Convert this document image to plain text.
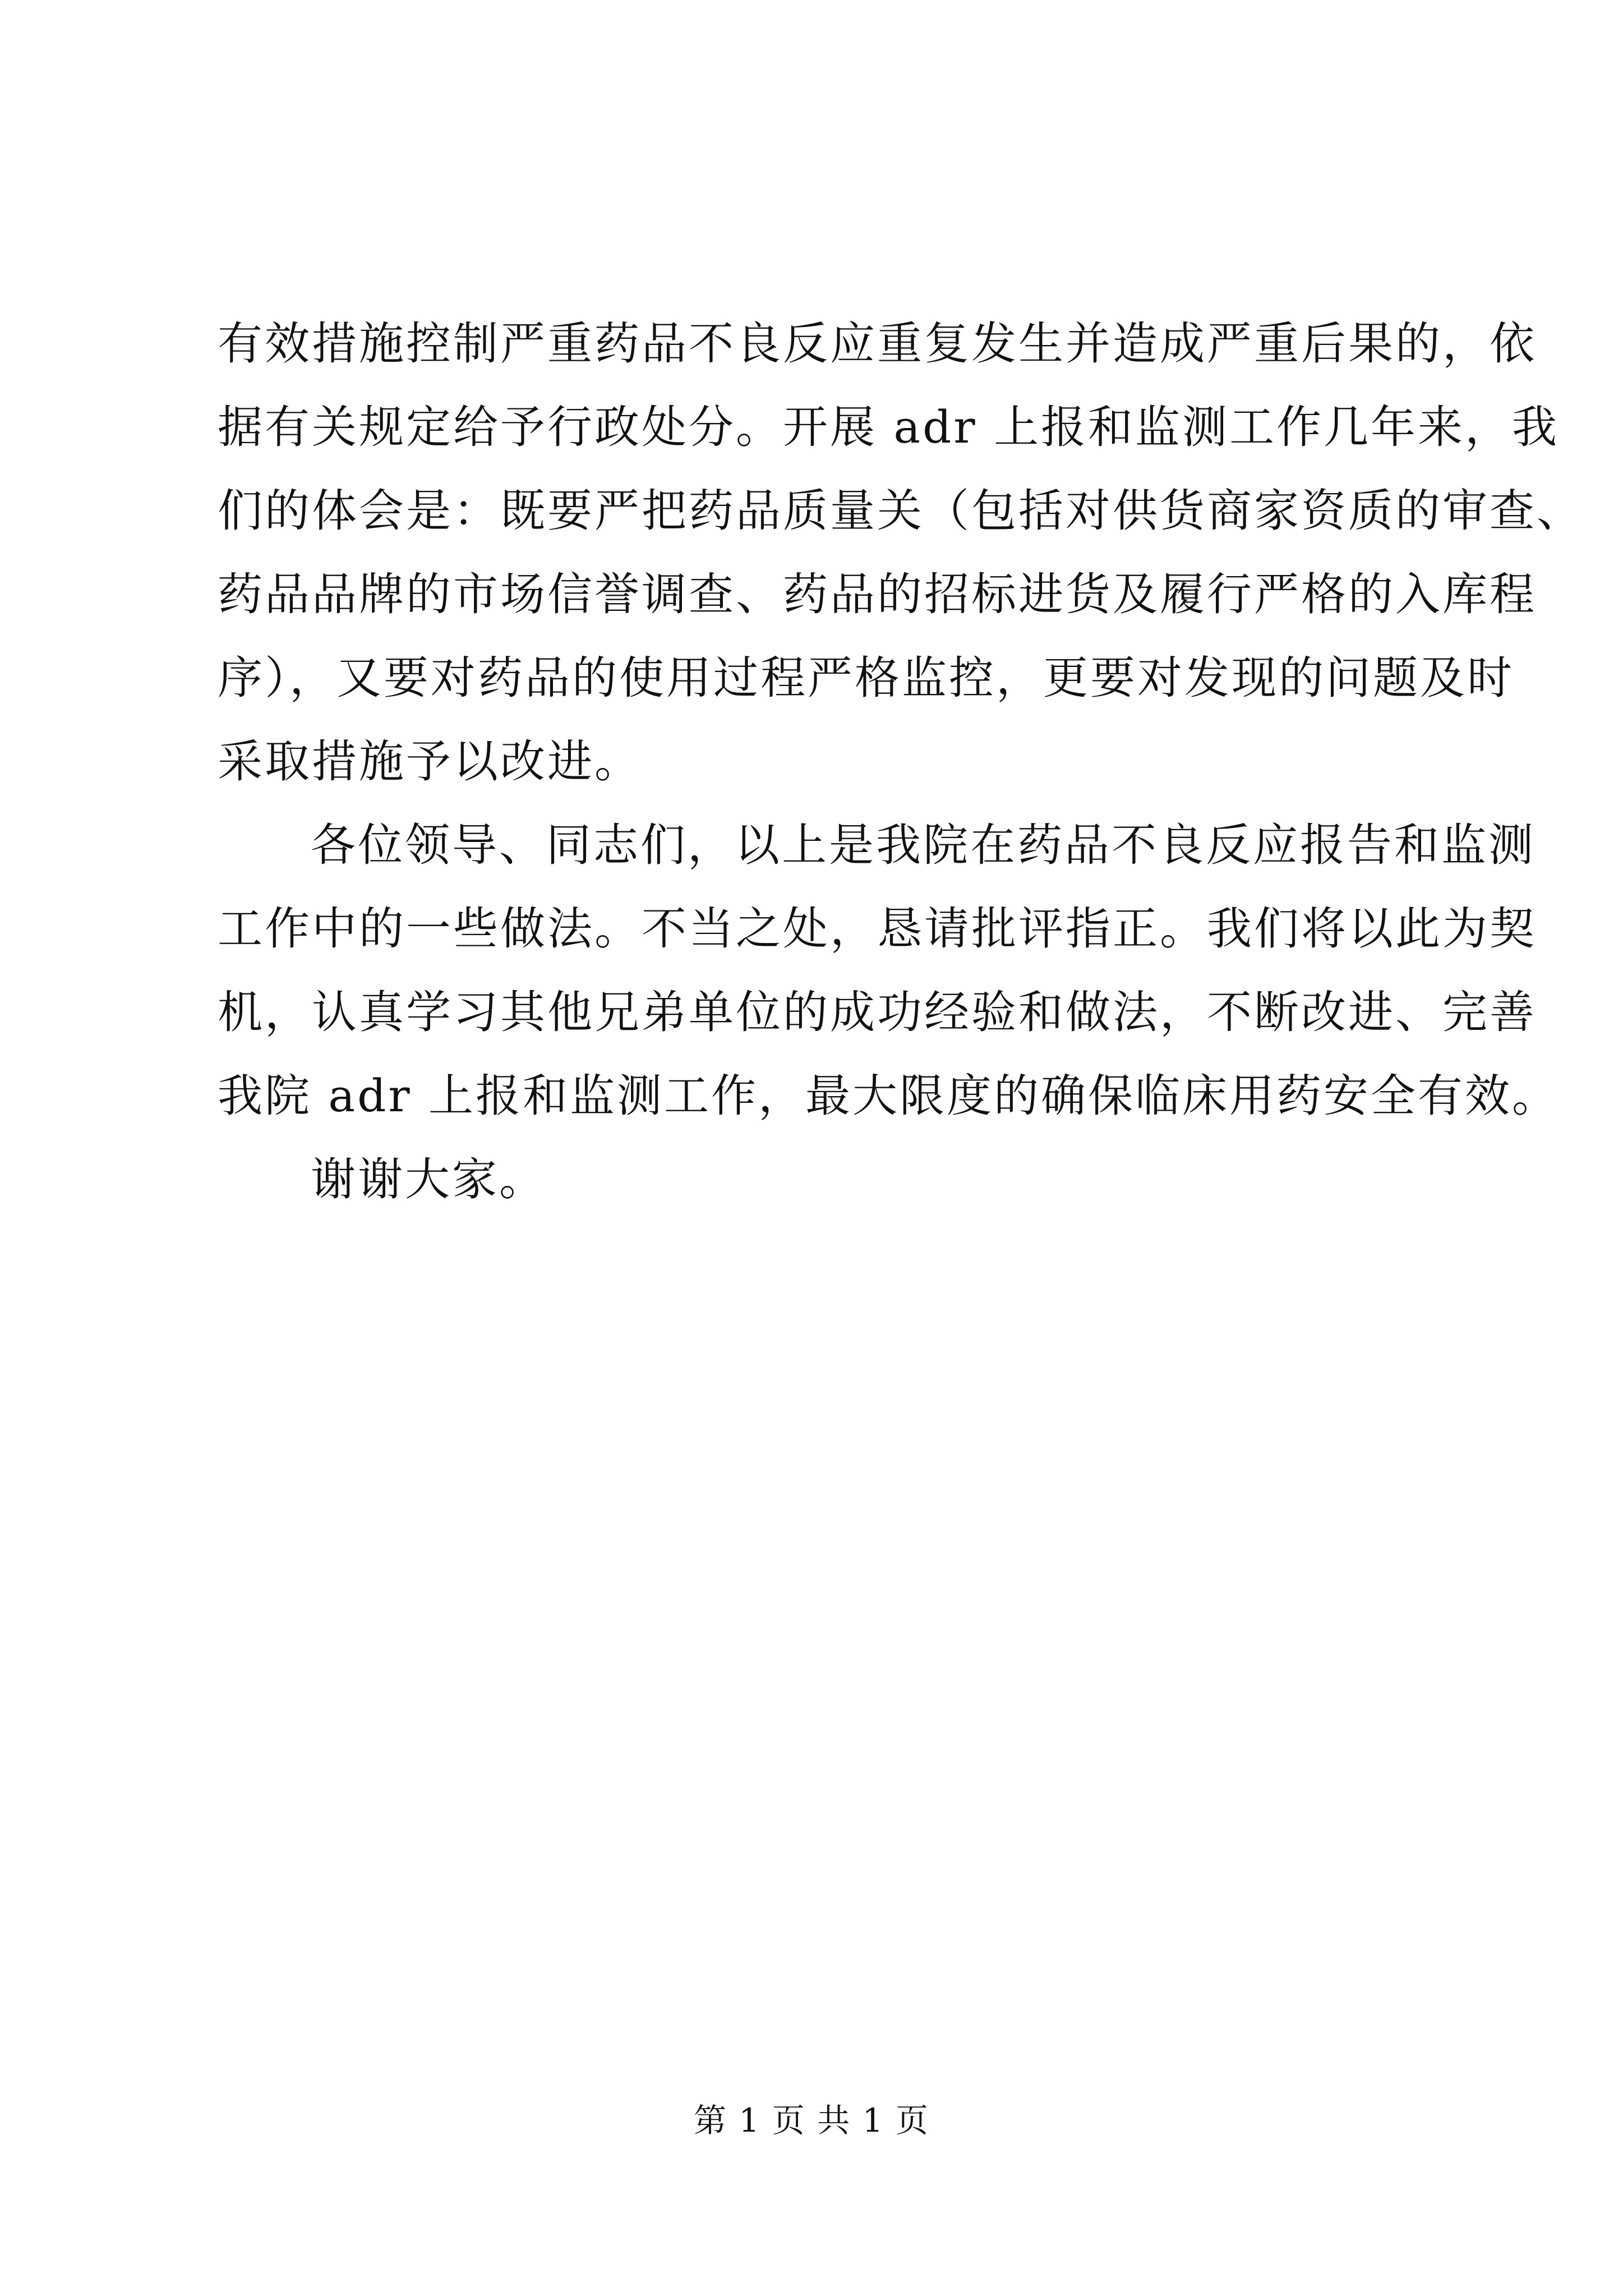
有效措施控制严重药品不良反应重复发生并造成严重后果的，依
据有关规定给予行政处分。开展 adr 上报和监测工作几年来，我
们的体会是：既要严把药品质量关（包括对供货商家资质的审查、
药品品牌的市场信誉调查、药品的招标进货及履行严格的入库程
序），又要对药品的使用过程严格监控，更要对发现的问题及时
采取措施予以改进。
各位领导、同志们，以上是我院在药品不良反应报告和监测
工作中的一些做法。不当之处，恳请批评指正。我们将以此为契
机，认真学习其他兄弟单位的成功经验和做法，不断改进、完善
我院 adr 上报和监测工作，最大限度的确保临床用药安全有效。
谢谢大家。
第 1 页 共 1 页
